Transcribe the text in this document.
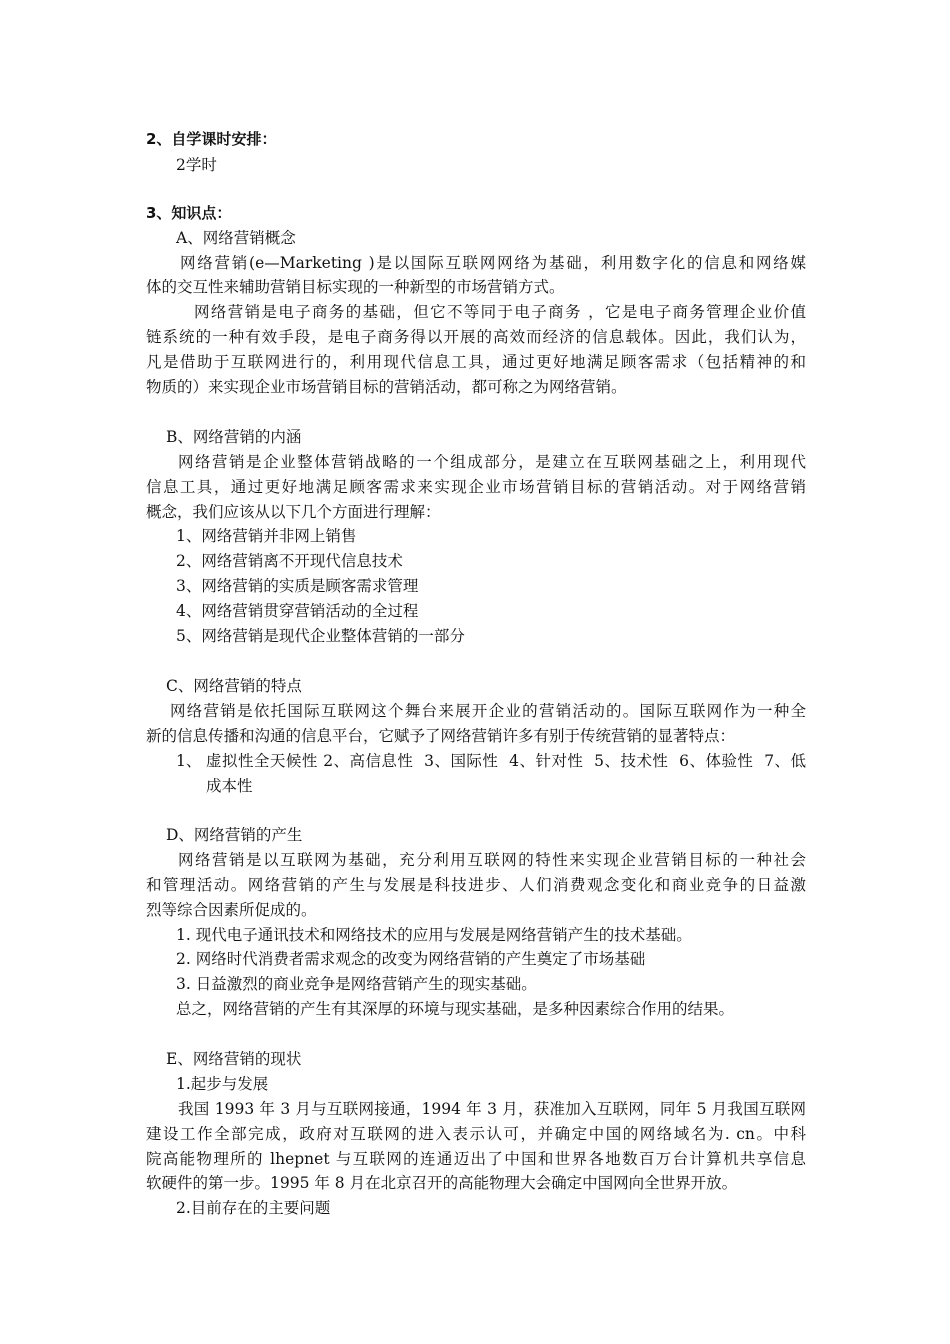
2、自学课时安排：
2学时
3、知识点：
A、网络营销概念
网络营销(e—Marketing )是以国际互联网网络为基础，利用数字化的信息和网络媒
体的交互性来辅助营销目标实现的一种新型的市场营销方式。
网络营销是电子商务的基础，但它不等同于电子商务 ，它是电子商务管理企业价值
链系统的一种有效手段，是电子商务得以开展的高效而经济的信息载体。因此，我们认为，
凡是借助于互联网进行的，利用现代信息工具，通过更好地满足顾客需求（包括精神的和
物质的）来实现企业市场营销目标的营销活动，都可称之为网络营销。
B、网络营销的内涵
网络营销是企业整体营销战略的一个组成部分，是建立在互联网基础之上，利用现代
信息工具，通过更好地满足顾客需求来实现企业市场营销目标的营销活动。对于网络营销
概念，我们应该从以下几个方面进行理解：
1、网络营销并非网上销售
2、网络营销离不开现代信息技术
3、网络营销的实质是顾客需求管理
4、网络营销贯穿营销活动的全过程
5、网络营销是现代企业整体营销的一部分
C、网络营销的特点
网络营销是依托国际互联网这个舞台来展开企业的营销活动的。国际互联网作为一种全
新的信息传播和沟通的信息平台，它赋予了网络营销许多有别于传统营销的显著特点：
1、 虚拟性全天候性 2、高信息性  3、国际性  4、针对性  5、技术性  6、体验性  7、低
成本性
D、网络营销的产生
网络营销是以互联网为基础，充分利用互联网的特性来实现企业营销目标的一种社会
和管理活动。网络营销的产生与发展是科技进步、人们消费观念变化和商业竞争的日益激
烈等综合因素所促成的。
1. 现代电子通讯技术和网络技术的应用与发展是网络营销产生的技术基础。
2. 网络时代消费者需求观念的改变为网络营销的产生奠定了市场基础
3. 日益激烈的商业竞争是网络营销产生的现实基础。
总之，网络营销的产生有其深厚的环境与现实基础，是多种因素综合作用的结果。
E、网络营销的现状
1.起步与发展
我国 1993 年 3 月与互联网接通，1994 年 3 月，获准加入互联网，同年 5 月我国互联网
建设工作全部完成，政府对互联网的进入表示认可，并确定中国的网络域名为. cn。中科
院高能物理所的 lhepnet 与互联网的连通迈出了中国和世界各地数百万台计算机共享信息
软硬件的第一步。1995 年 8 月在北京召开的高能物理大会确定中国网向全世界开放。
2.目前存在的主要问题
